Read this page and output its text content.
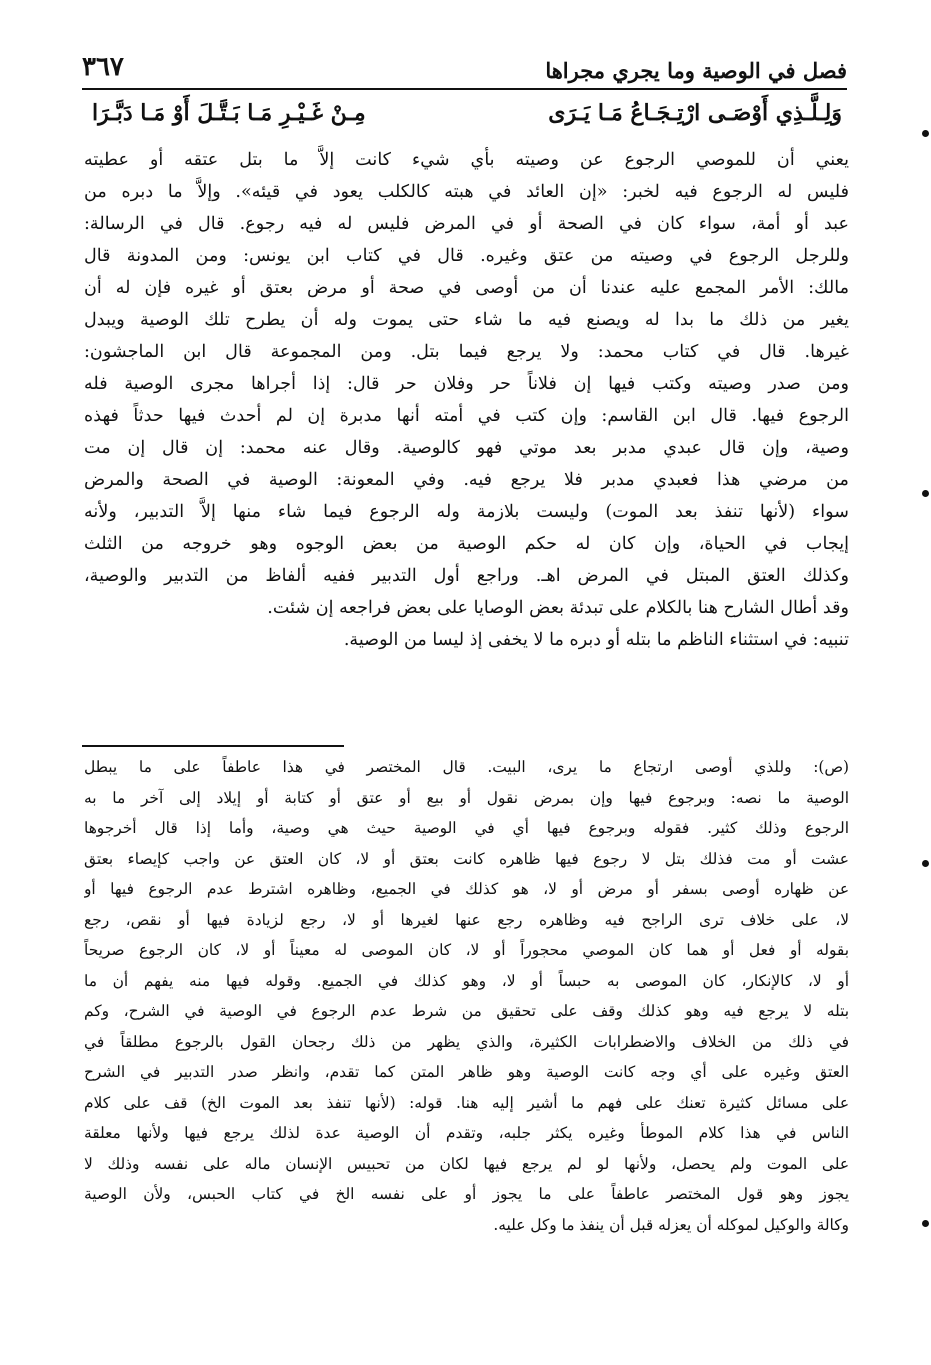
فصل في الوصية وما يجري مجراها
٣٦٧
وَلِـلَّـذِي أَوْصَـى ارْتِـجَـاعُ مَـا يَـرَى
مِـنْ غَـيْـرِ مَـا بَـتَّـلَ أَوْ مَـا دَبَّـرَا

يعني أن للموصي الرجوع عن وصيته بأي شيء كانت إلاَّ ما بتل عتقه أو عطيته

فليس له الرجوع فيه لخبر: «إن العائد في هبته كالكلب يعود في قيئه». وإلاَّ ما دبره من

عبد أو أمة، سواء كان في الصحة أو في المرض فليس له فيه رجوع. قال في الرسالة:

وللرجل الرجوع في وصيته من عتق وغيره. قال في كتاب ابن يونس: ومن المدونة قال

مالك: الأمر المجمع عليه عندنا أن من أوصى في صحة أو مرض بعتق أو غيره فإن له أن

يغير من ذلك ما بدا له ويصنع فيه ما شاء حتى يموت وله أن يطرح تلك الوصية ويبدل

غيرها. قال في كتاب محمد: ولا يرجع فيما بتل. ومن المجموعة قال ابن الماجشون:

ومن صدر وصيته وكتب فيها إن فلاناً حر وفلان حر قال: إذا أجراها مجرى الوصية فله

الرجوع فيها. قال ابن القاسم: وإن كتب في أمته أنها مدبرة إن لم أحدث فيها حدثاً فهذه

وصية، وإن قال عبدي مدبر بعد موتي فهو كالوصية. وقال عنه محمد: إن قال إن مت

من مرضي هذا فعبدي مدبر فلا يرجع فيه. وفي المعونة: الوصية في الصحة والمرض

سواء (لأنها تنفذ بعد الموت) وليست بلازمة وله الرجوع فيما شاء منها إلاَّ التدبير، ولأنه

إيجاب في الحياة، وإن كان له حكم الوصية من بعض الوجوه وهو خروجه من الثلث

وكذلك العتق المبتل في المرض اهـ. وراجع أول التدبير ففيه ألفاظ من التدبير والوصية،

وقد أطال الشارح هنا بالكلام على تبدئة بعض الوصايا على بعض فراجعه إن شئت.

تنبيه: في استثناء الناظم ما بتله أو دبره ما لا يخفى إذ ليسا من الوصية.

(ص): وللذي أوصى ارتجاع ما يرى، البيت. قال المختصر في هذا عاطفاً على ما يبطل

الوصية ما نصه: وبرجوع فيها وإن بمرض نقول أو بيع أو عتق أو كتابة أو إيلاد إلى آخر ما به

الرجوع وذلك كثير. فقوله وبرجوع فيها أي في الوصية حيث هي وصية، وأما إذا قال أخرجوها

عشت أو مت فذلك بتل لا رجوع فيها ظاهره كانت بعتق أو لا، كان العتق عن واجب كإيصاء بعتق

عن ظهاره أوصى بسفر أو مرض أو لا، هو كذلك في الجميع، وظاهره اشترط عدم الرجوع فيها أو

لا، على خلاف ترى الراجح فيه وظاهره رجع عنها لغيرها أو لا، رجع لزيادة فيها أو نقص، رجع

بقوله أو فعل أو هما كان الموصي محجوراً أو لا، كان الموصى له معيناً أو لا، كان الرجوع صريحاً

أو لا، كالإنكار، كان الموصى به حبساً أو لا، وهو كذلك في الجميع. وقوله فيها منه يفهم أن ما

بتله لا يرجع فيه وهو كذلك وقف على تحقيق من شرط عدم الرجوع في الوصية في الشرح، وكم

في ذلك من الخلاف والاضطرابات الكثيرة، والذي يظهر من ذلك رجحان القول بالرجوع مطلقاً في

العتق وغيره على أي وجه كانت الوصية وهو ظاهر المتن كما تقدم، وانظر صدر التدبير في الشرح

على مسائل كثيرة تعنك على فهم ما أشير إليه هنا. قوله: (لأنها تنفذ بعد الموت الخ) قف على كلام

الناس في هذا كلام الموطأ وغيره يكثر جلبه، وتقدم أن الوصية عدة لذلك يرجع فيها ولأنها معلقة

على الموت ولم يحصل، ولأنها لو لم يرجع فيها لكان من تحبيس الإنسان ماله على نفسه وذلك لا

يجوز وهو قول المختصر عاطفاً على ما يجوز أو على نفسه الخ في كتاب الحبس، ولأن الوصية

وكالة والوكيل لموكله أن يعزله قبل أن ينفذ ما وكل عليه.
